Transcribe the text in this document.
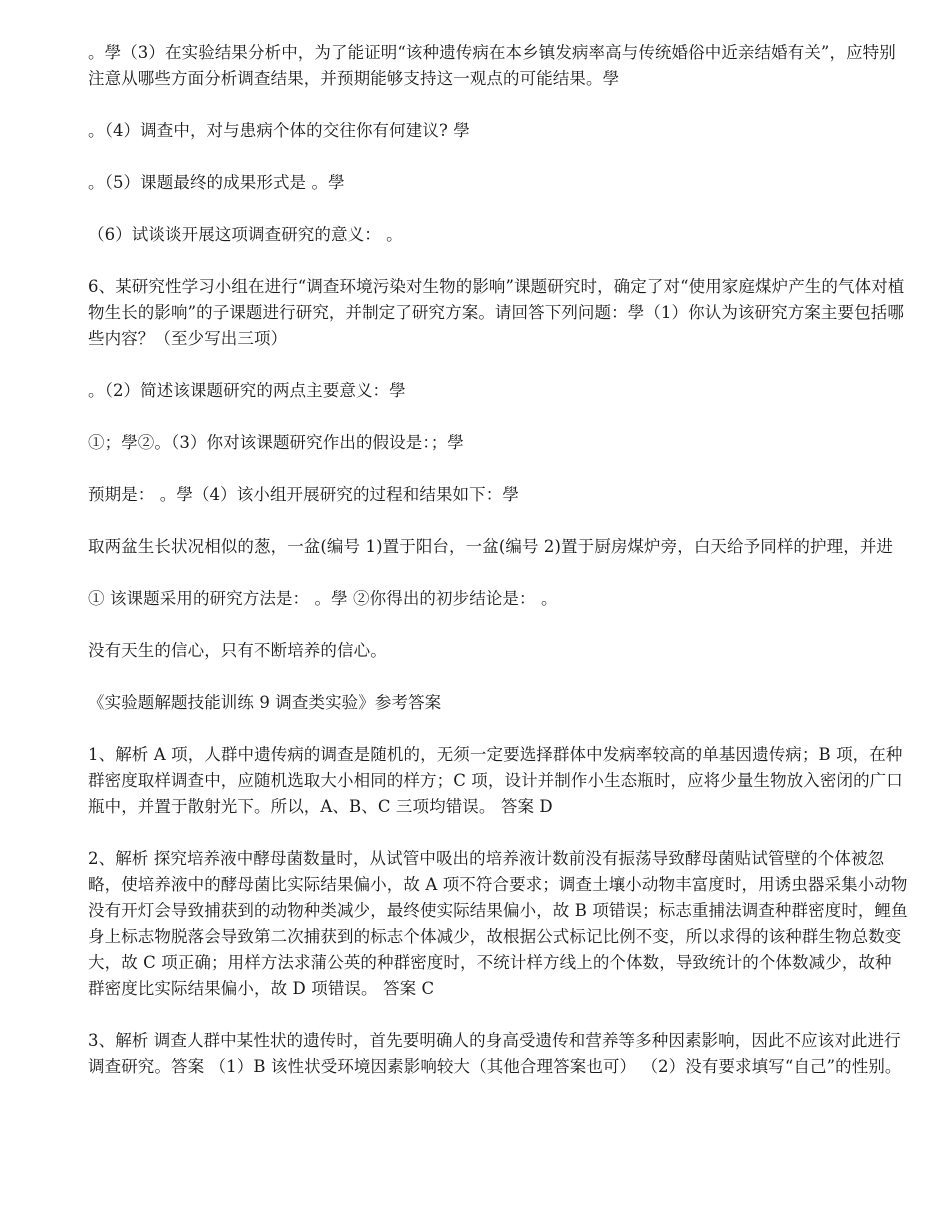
。學（3）在实验结果分析中，为了能证明“该种遗传病在本乡镇发病率高与传统婚俗中近亲结婚有关”，应特别注意从哪些方面分析调查结果，并预期能够支持这一观点的可能结果。學

。（4）调查中，对与患病个体的交往你有何建议? 學

。（5）课题最终的成果形式是 。學

（6）试谈谈开展这项调查研究的意义： 。

6、某研究性学习小组在进行“调查环境污染对生物的影响”课题研究时，确定了对“使用家庭煤炉产生的气体对植物生长的影响”的子课题进行研究，并制定了研究方案。请回答下列问题：學（1）你认为该研究方案主要包括哪些内容？（至少写出三项）

。（2）简述该课题研究的两点主要意义：學

①；學②。（3）你对该课题研究作出的假设是：；學

预期是： 。學（4）该小组开展研究的过程和结果如下：學

取两盆生长状况相似的葱，一盆(编号 1)置于阳台，一盆(编号 2)置于厨房煤炉旁，白天给予同样的护理，并进

① 该课题采用的研究方法是： 。學 ②你得出的初步结论是： 。

没有天生的信心，只有不断培养的信心。

《实验题解题技能训练 9 调查类实验》参考答案

1、解析 A 项，人群中遗传病的调查是随机的，无须一定要选择群体中发病率较高的单基因遗传病；B 项，在种群密度取样调查中，应随机选取大小相同的样方；C 项，设计并制作小生态瓶时，应将少量生物放入密闭的广口瓶中，并置于散射光下。所以，A、B、C 三项均错误。 答案 D

2、解析 探究培养液中酵母菌数量时，从试管中吸出的培养液计数前没有振荡导致酵母菌贴试管壁的个体被忽略，使培养液中的酵母菌比实际结果偏小，故 A 项不符合要求；调查土壤小动物丰富度时，用诱虫器采集小动物没有开灯会导致捕获到的动物种类减少，最终使实际结果偏小，故 B 项错误；标志重捕法调查种群密度时，鲤鱼身上标志物脱落会导致第二次捕获到的标志个体减少，故根据公式标记比例不变，所以求得的该种群生物总数变大，故 C 项正确；用样方法求蒲公英的种群密度时，不统计样方线上的个体数，导致统计的个体数减少，故种群密度比实际结果偏小，故 D 项错误。 答案 C

3、解析 调查人群中某性状的遗传时，首先要明确人的身高受遗传和营养等多种因素影响，因此不应该对此进行调查研究。答案 （1）B 该性状受环境因素影响较大（其他合理答案也可） （2）没有要求填写“自己”的性别。
